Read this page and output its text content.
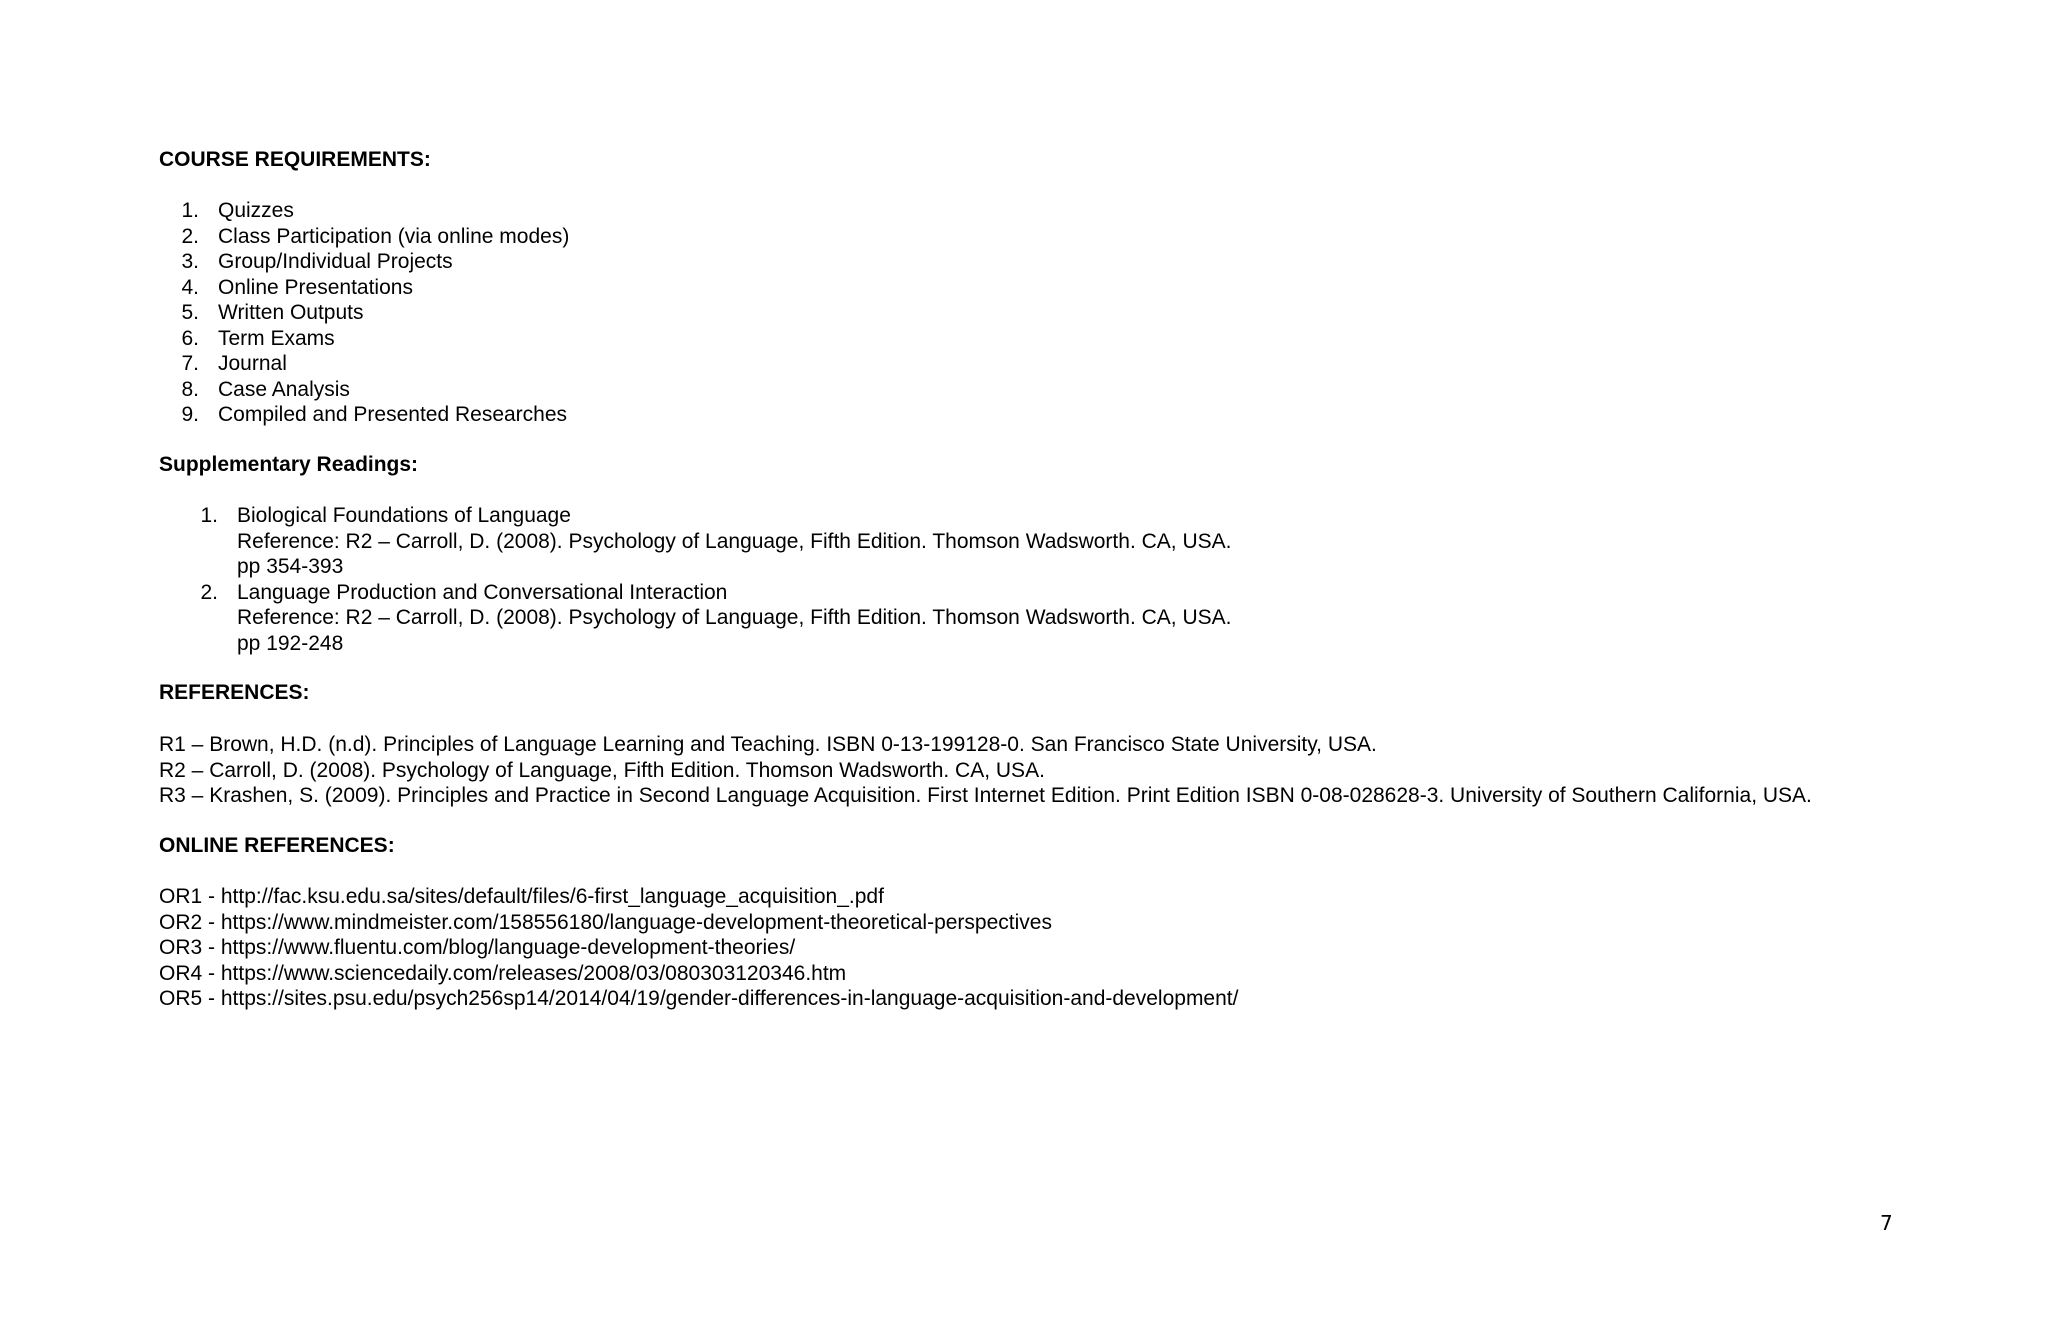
COURSE REQUIREMENTS:
1. Quizzes
2. Class Participation (via online modes)
3. Group/Individual Projects
4. Online Presentations
5. Written Outputs
6. Term Exams
7. Journal
8. Case Analysis
9. Compiled and Presented Researches
Supplementary Readings:
1. Biological Foundations of Language
Reference: R2 – Carroll, D. (2008). Psychology of Language, Fifth Edition. Thomson Wadsworth. CA, USA.
pp 354-393
2. Language Production and Conversational Interaction
Reference: R2 – Carroll, D. (2008). Psychology of Language, Fifth Edition. Thomson Wadsworth. CA, USA.
pp 192-248
REFERENCES:
R1 – Brown, H.D. (n.d). Principles of Language Learning and Teaching. ISBN 0-13-199128-0. San Francisco State University, USA.
R2 – Carroll, D. (2008). Psychology of Language, Fifth Edition. Thomson Wadsworth. CA, USA.
R3 – Krashen, S. (2009). Principles and Practice in Second Language Acquisition. First Internet Edition. Print Edition ISBN 0-08-028628-3. University of Southern California, USA.
ONLINE REFERENCES:
OR1 - http://fac.ksu.edu.sa/sites/default/files/6-first_language_acquisition_.pdf
OR2 - https://www.mindmeister.com/158556180/language-development-theoretical-perspectives
OR3 - https://www.fluentu.com/blog/language-development-theories/
OR4 - https://www.sciencedaily.com/releases/2008/03/080303120346.htm
OR5 - https://sites.psu.edu/psych256sp14/2014/04/19/gender-differences-in-language-acquisition-and-development/
7
